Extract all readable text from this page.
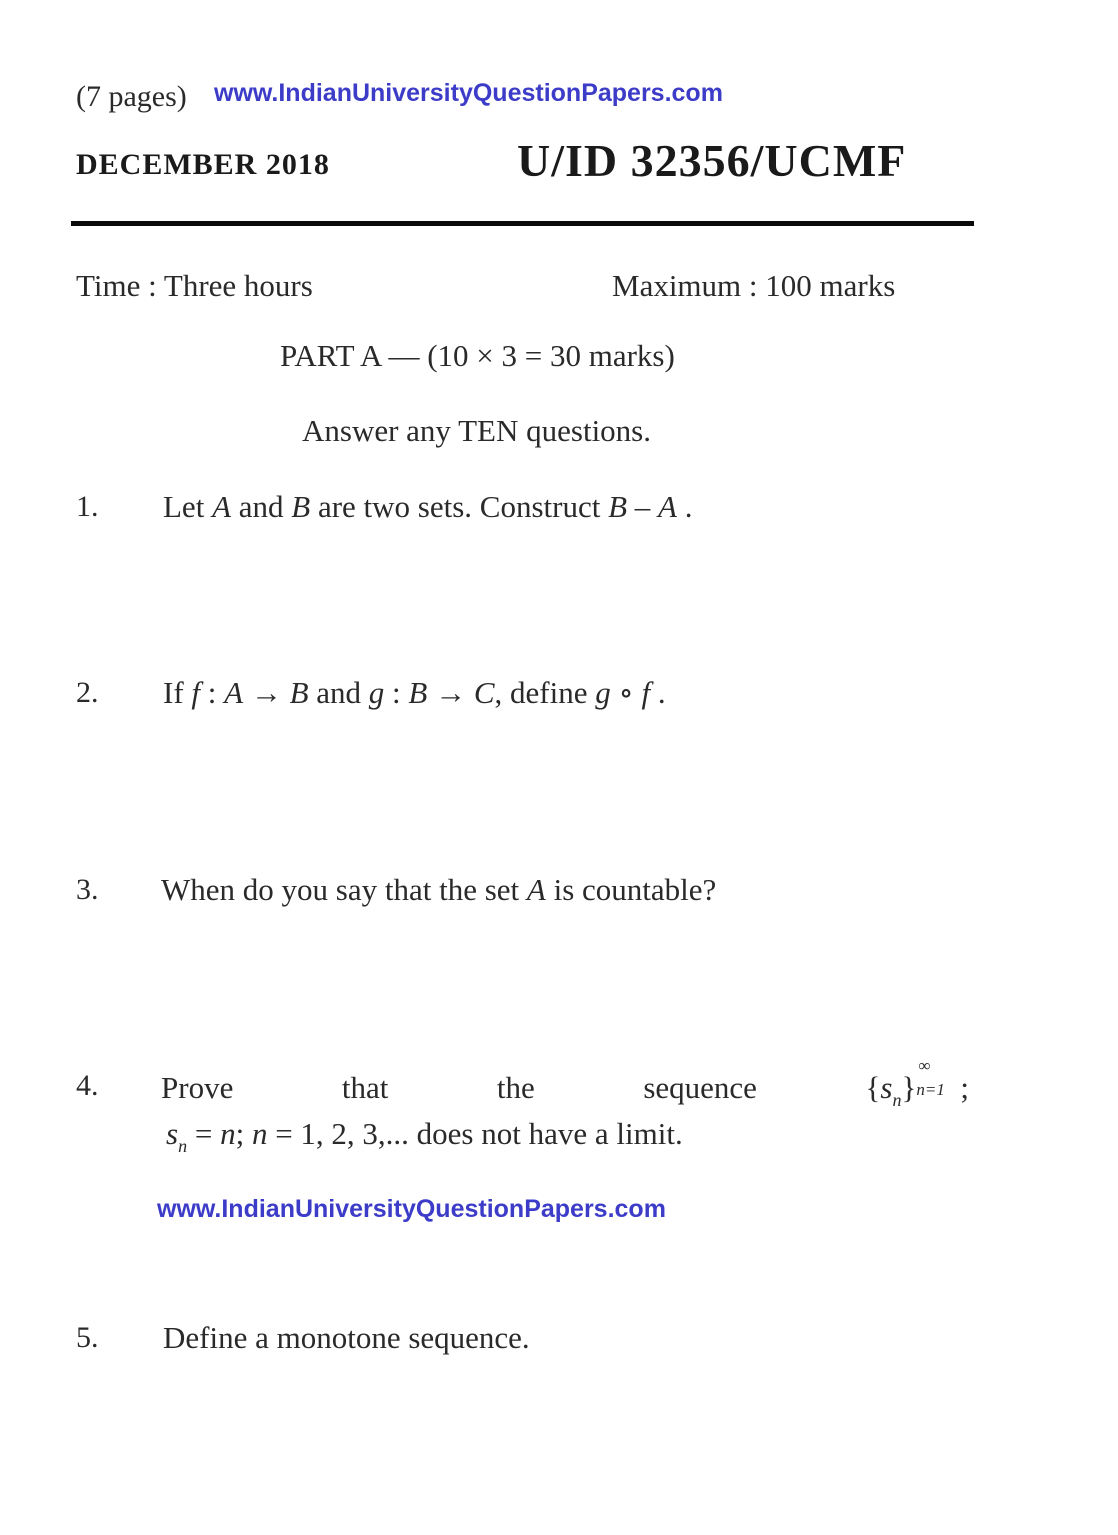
(7 pages) www.IndianUniversityQuestionPapers.com
DECEMBER 2018	U/ID 32356/UCMF
Time : Three hours	Maximum : 100 marks
PART A — (10 × 3 = 30 marks)
Answer any TEN questions.
1. Let A and B are two sets. Construct B – A .
2. If f : A → B and g : B → C, define g ∘ f .
3. When do you say that the set A is countable?
4. Prove	that	the	sequence	$\{s_n\}$
∞
n=1 ;
$s_n = n$; n = 1, 2, 3,... does not have a limit.
www.IndianUniversityQuestionPapers.com
5. Define a monotone sequence.
